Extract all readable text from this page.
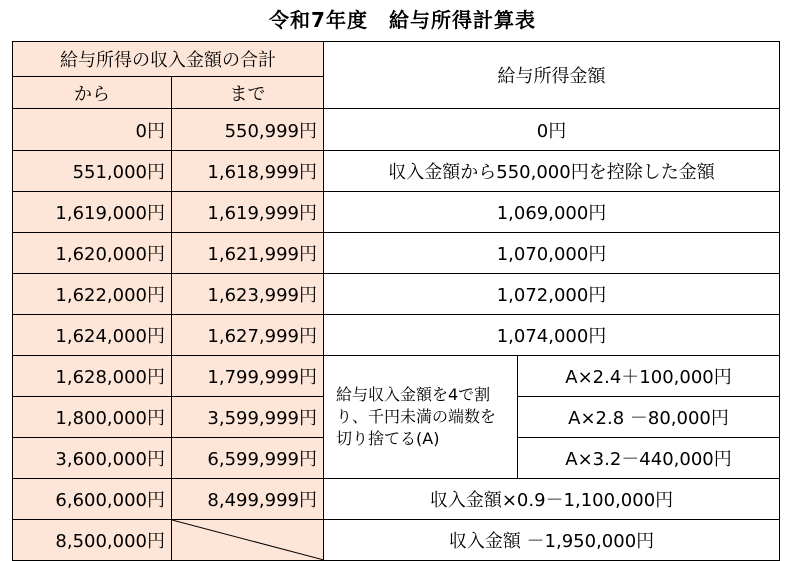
令和7年度　給与所得計算表
給与所得の収入金額の合計		給与所得金額	
から	まで		
0円	550,999円	0円	
551,000円	1,618,999円	収入金額から550,000円を控除した金額	
1,619,000円	1,619,999円	1,069,000円	
1,620,000円	1,621,999円	1,070,000円	
1,622,000円	1,623,999円	1,072,000円	
1,624,000円	1,627,999円	1,074,000円	
1,628,000円	1,799,999円	給与収入金額を4で割り、千円未満の端数を切り捨てる(A)	A×2.4＋100,000円
1,800,000円	3,599,999円		A×2.8 －80,000円
3,600,000円	6,599,999円		A×3.2－440,000円
6,600,000円	8,499,999円	収入金額×0.9－1,100,000円	
8,500,000円		収入金額 －1,950,000円	
